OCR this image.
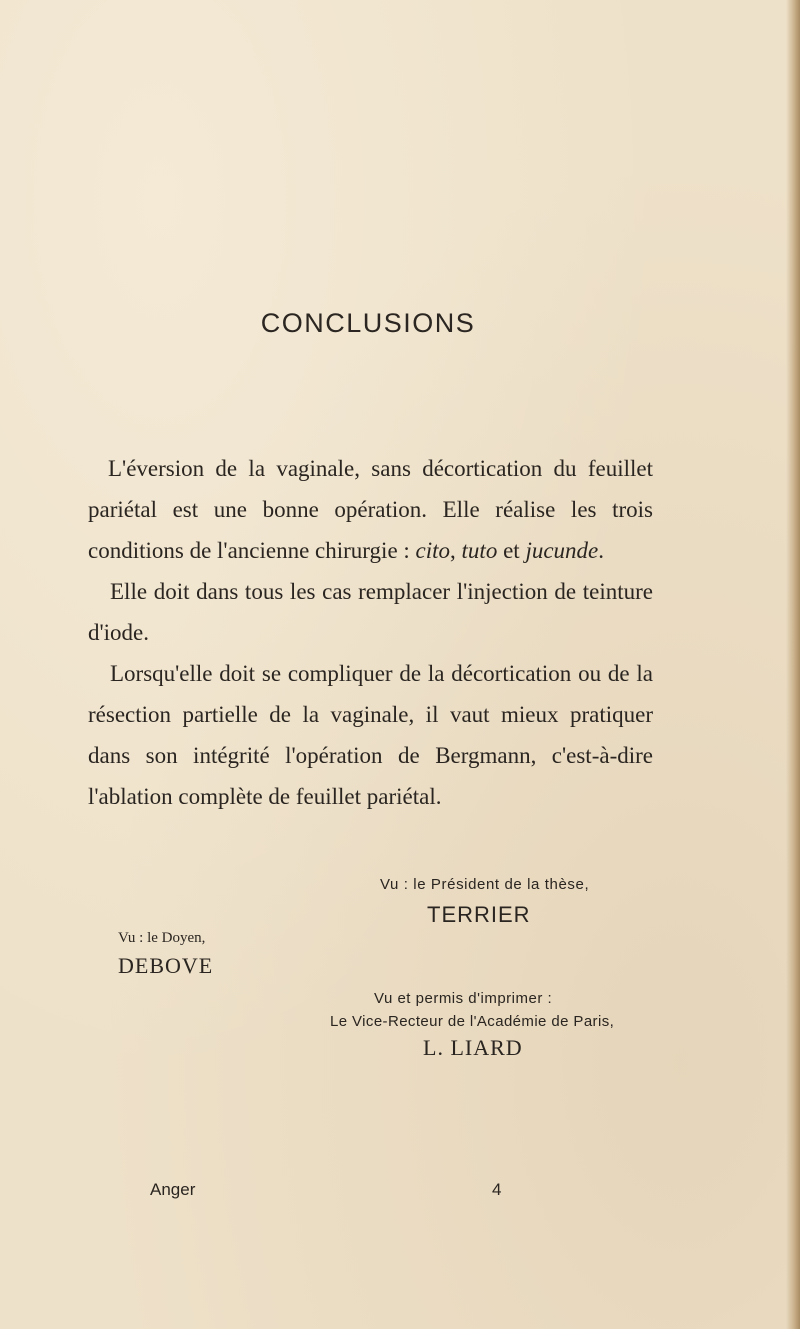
CONCLUSIONS

L'éversion de la vaginale, sans décortication du feuillet pariétal est une bonne opération. Elle réalise les trois conditions de l'ancienne chirurgie : cito, tuto et jucunde.

Elle doit dans tous les cas remplacer l'injection de teinture d'iode.

Lorsqu'elle doit se compliquer de la décortication ou de la résection partielle de la vaginale, il vaut mieux pratiquer dans son intégrité l'opération de Bergmann, c'est-à-dire l'ablation complète de feuillet pariétal.

Vu : le Président de la thèse,
TERRIER
Vu : le Doyen,
DEBOVE
Vu et permis d'imprimer :
Le Vice-Recteur de l'Académie de Paris,
L. LIARD
Anger	4
